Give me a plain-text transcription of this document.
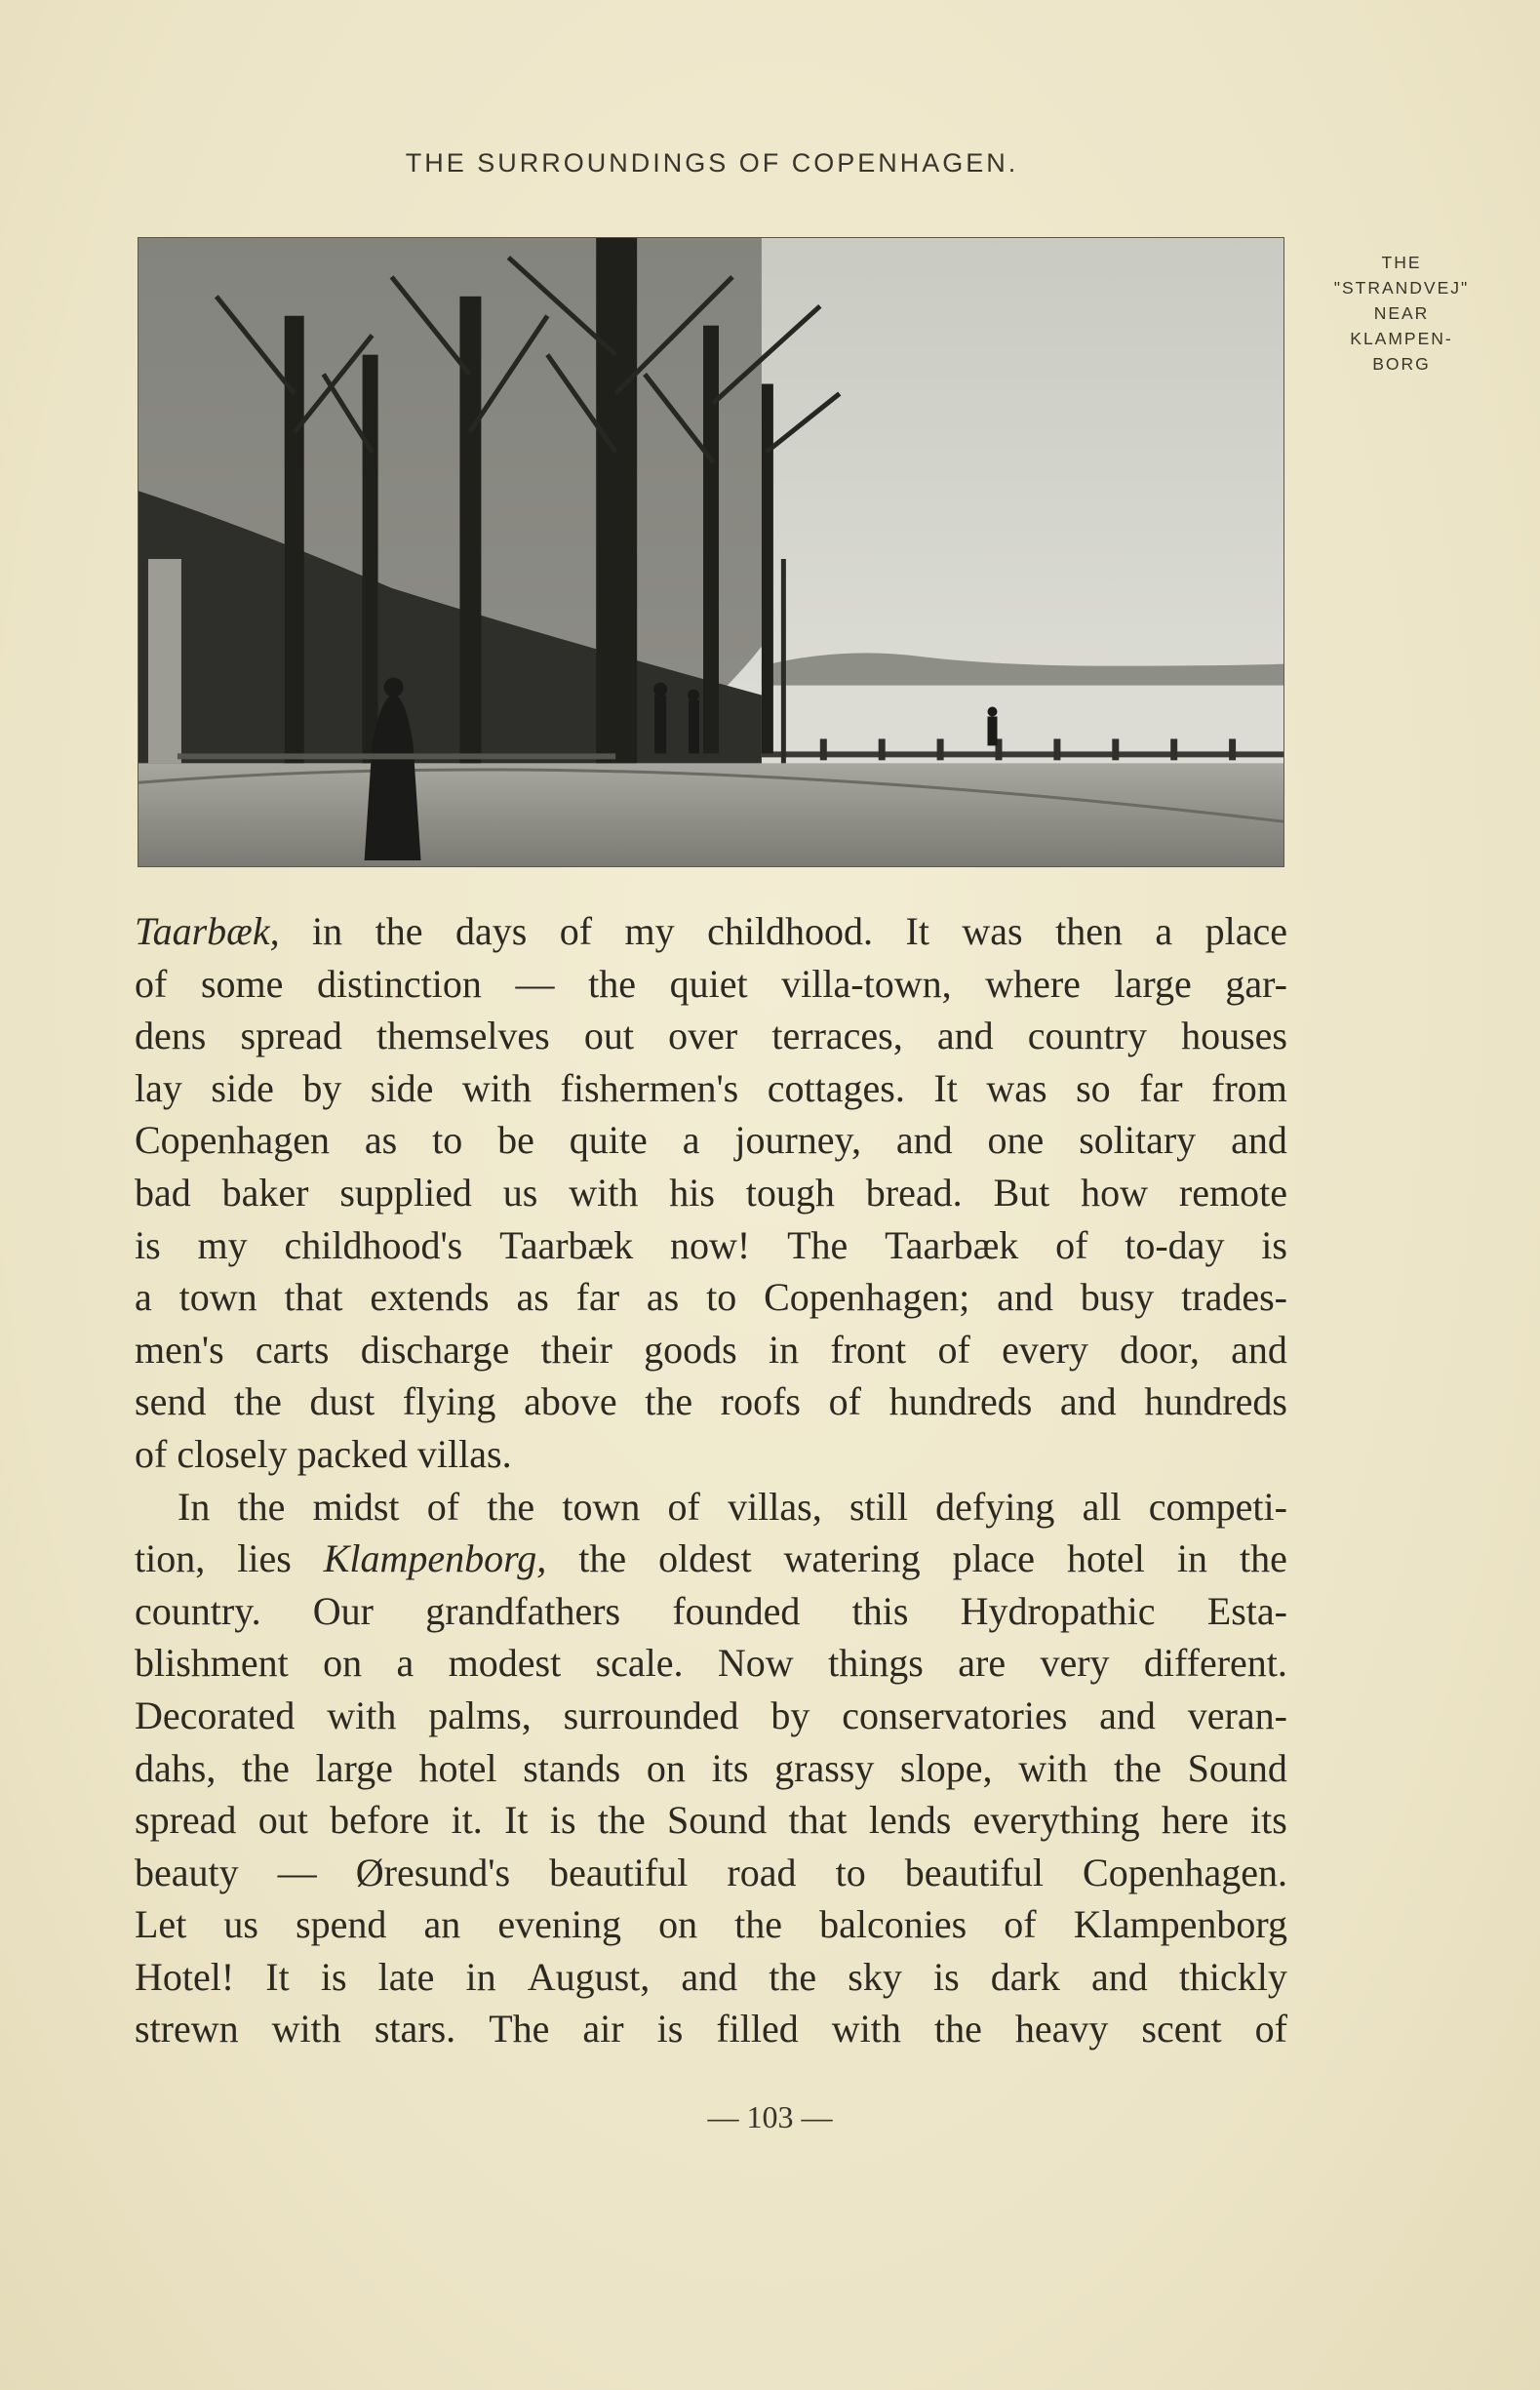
THE SURROUNDINGS OF COPENHAGEN.
THE
"STRANDVEJ"
NEAR
KLAMPEN-
BORG
Taarbæk, in the days of my childhood. It was then a place
of some distinction — the quiet villa-town, where large gar-
dens spread themselves out over terraces, and country houses
lay side by side with fishermen's cottages. It was so far from
Copenhagen as to be quite a journey, and one solitary and
bad baker supplied us with his tough bread. But how remote
is my childhood's Taarbæk now! The Taarbæk of to-day is
a town that extends as far as to Copenhagen; and busy trades-
men's carts discharge their goods in front of every door, and
send the dust flying above the roofs of hundreds and hundreds
of closely packed villas.
In the midst of the town of villas, still defying all competi-
tion, lies Klampenborg, the oldest watering place hotel in the
country. Our grandfathers founded this Hydropathic Esta-
blishment on a modest scale. Now things are very different.
Decorated with palms, surrounded by conservatories and veran-
dahs, the large hotel stands on its grassy slope, with the Sound
spread out before it. It is the Sound that lends everything here its
beauty — Øresund's beautiful road to beautiful Copenhagen.
Let us spend an evening on the balconies of Klampenborg
Hotel! It is late in August, and the sky is dark and thickly
strewn with stars. The air is filled with the heavy scent of
— 103 —
